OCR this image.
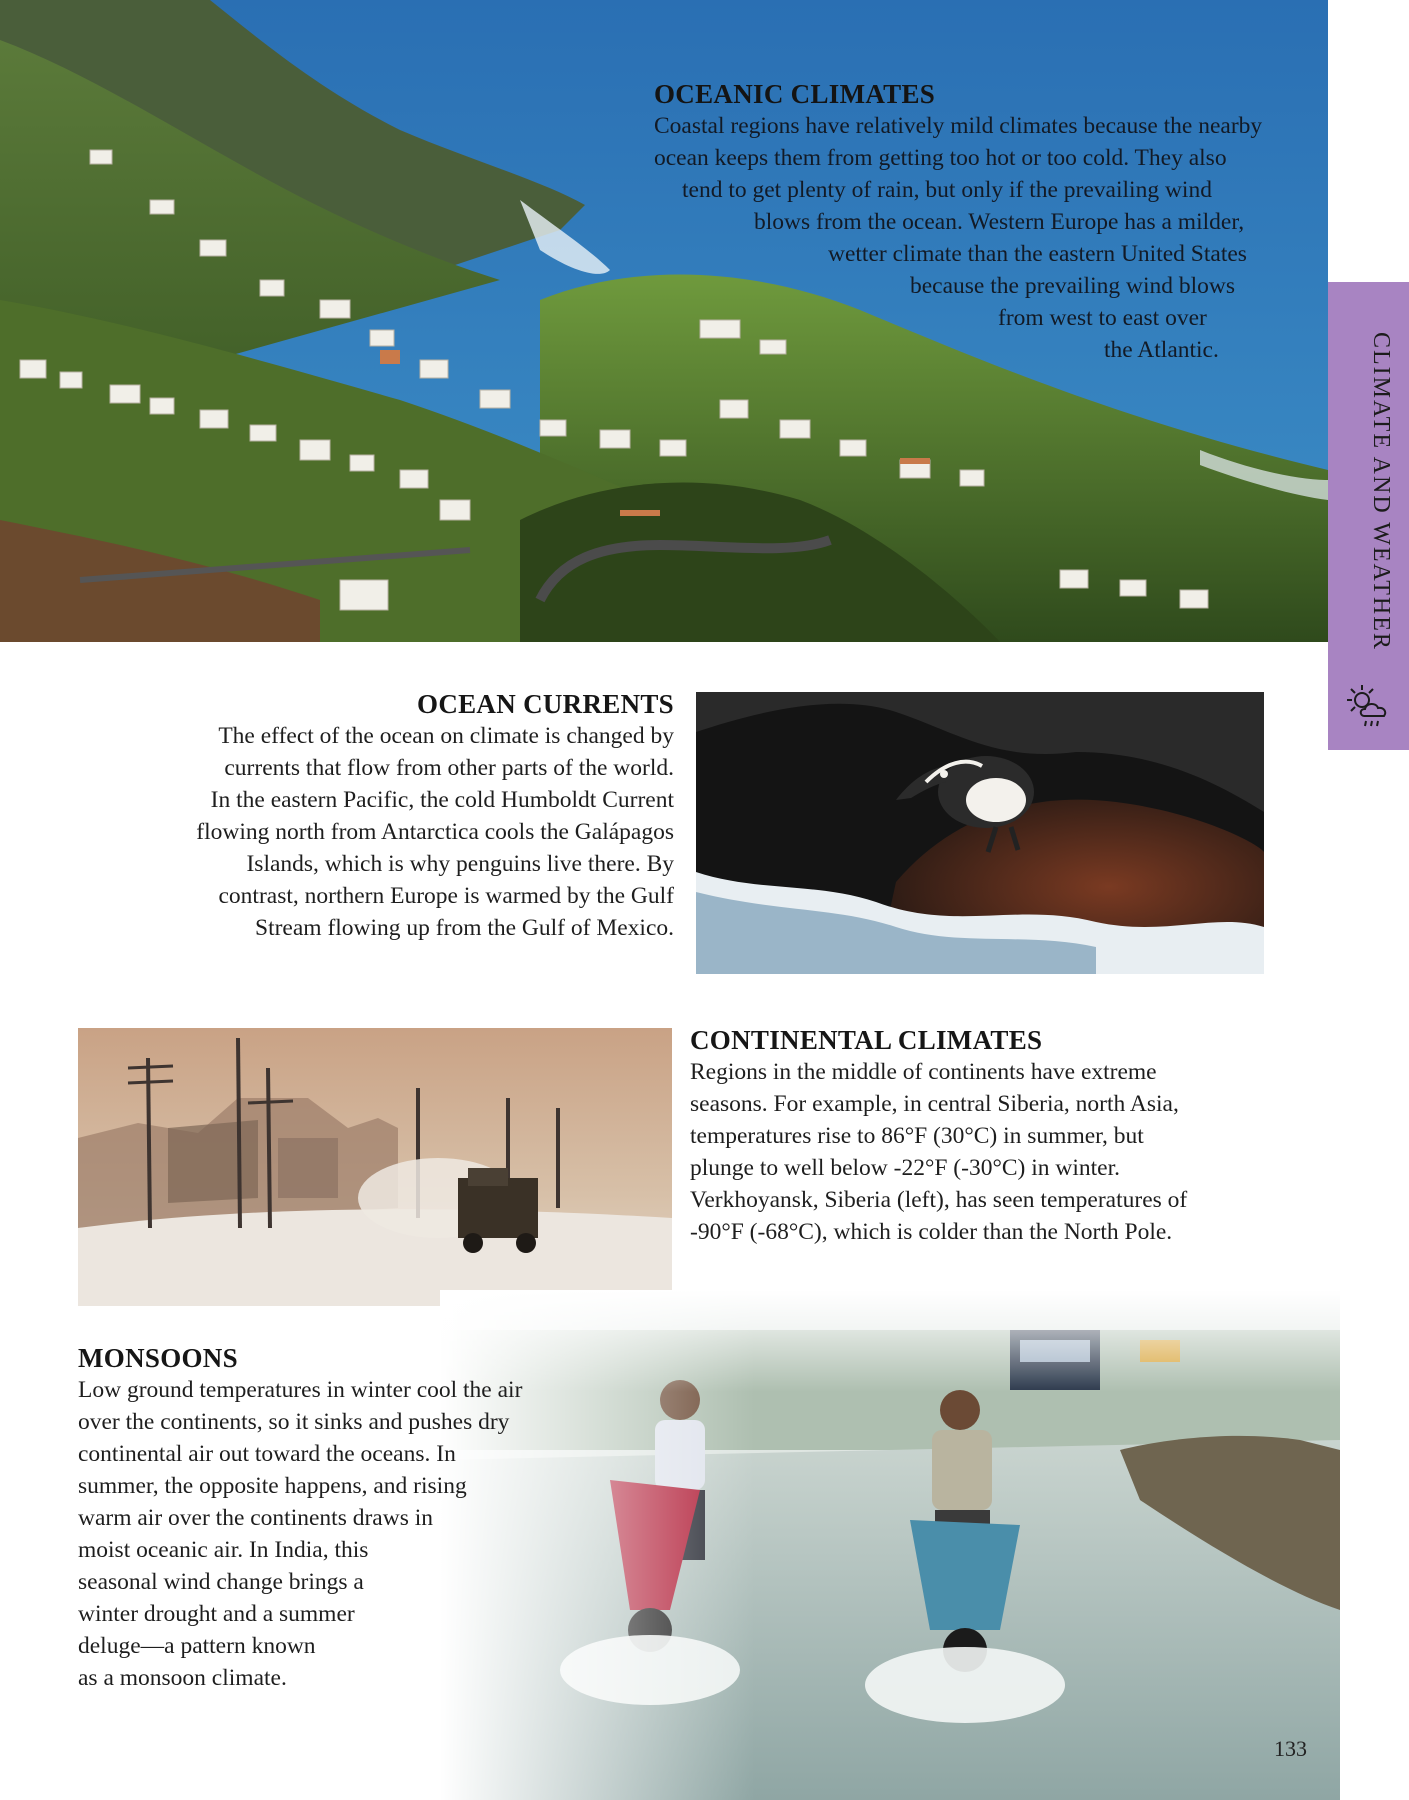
OCEANIC CLIMATES
Coastal regions have relatively mild climates because the nearby
ocean keeps them from getting too hot or too cold. They also
tend to get plenty of rain, but only if the prevailing wind
blows from the ocean. Western Europe has a milder,
wetter climate than the eastern United States
because the prevailing wind blows
from west to east over
the Atlantic.	CLIMATE AND WEATHER
OCEAN CURRENTS
The effect of the ocean on climate is changed by
currents that flow from other parts of the world.
In the eastern Pacific, the cold Humboldt Current
flowing north from Antarctica cools the Galápagos
Islands, which is why penguins live there. By
contrast, northern Europe is warmed by the Gulf
Stream flowing up from the Gulf of Mexico.
CONTINENTAL CLIMATES
Regions in the middle of continents have extreme
seasons. For example, in central Siberia, north Asia,
temperatures rise to 86°F (30°C) in summer, but
plunge to well below -22°F (-30°C) in winter.
Verkhoyansk, Siberia (left), has seen temperatures of
-90°F (-68°C), which is colder than the North Pole.
MONSOONS
Low ground temperatures in winter cool the air
over the continents, so it sinks and pushes dry
continental air out toward the oceans. In
summer, the opposite happens, and rising
warm air over the continents draws in
moist oceanic air. In India, this
seasonal wind change brings a
winter drought and a summer
deluge—a pattern known
as a monsoon climate.
133
